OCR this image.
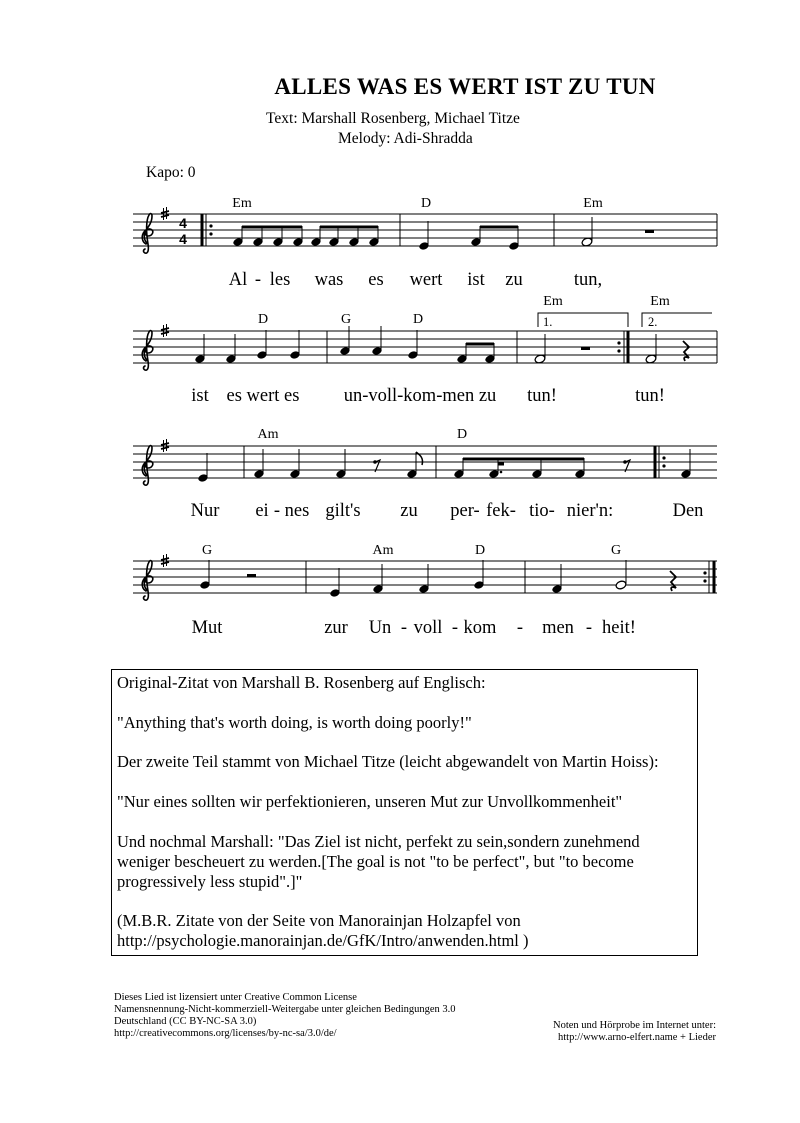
ALLES WAS ES WERT IST ZU TUN
Text: Marshall Rosenberg, Michael Titze
Melody: Adi-Shradda
Kapo: 0
4
4
Em	D	Em
Al - les was es wert ist zu	tun,
1.	2.
D	G	D
Em	Em
ist es wert es un-voll-kom-men zu tun!	tun!
Am	D
Nur ei - nes gilt's zu per- fek- tio- nier'n:	Den
G	Am	D	G
Mut	zur Un - voll - kom - men - heit!

Original-Zitat von Marshall B. Rosenberg auf Englisch:

"Anything that's worth doing, is worth doing poorly!"

Der zweite Teil stammt von Michael Titze (leicht abgewandelt von Martin Hoiss):

"Nur eines sollten wir perfektionieren, unseren Mut zur Unvollkommenheit"

Und nochmal Marshall: "Das Ziel ist nicht, perfekt zu sein,sondern zunehmend

weniger bescheuert zu werden.[The goal is not "to be perfect", but "to become

progressively less stupid".]"

(M.B.R. Zitate von der Seite von Manorainjan Holzapfel von

http://psychologie.manorainjan.de/GfK/Intro/anwenden.html )

Dieses Lied ist lizensiert unter Creative Common License
Namensnennung-Nicht-kommerziell-Weitergabe unter gleichen Bedingungen 3.0
Deutschland (CC BY-NC-SA 3.0)
http://creativecommons.org/licenses/by-nc-sa/3.0/de/
Noten und Hörprobe im Internet unter:
http://www.arno-elfert.name + Lieder
